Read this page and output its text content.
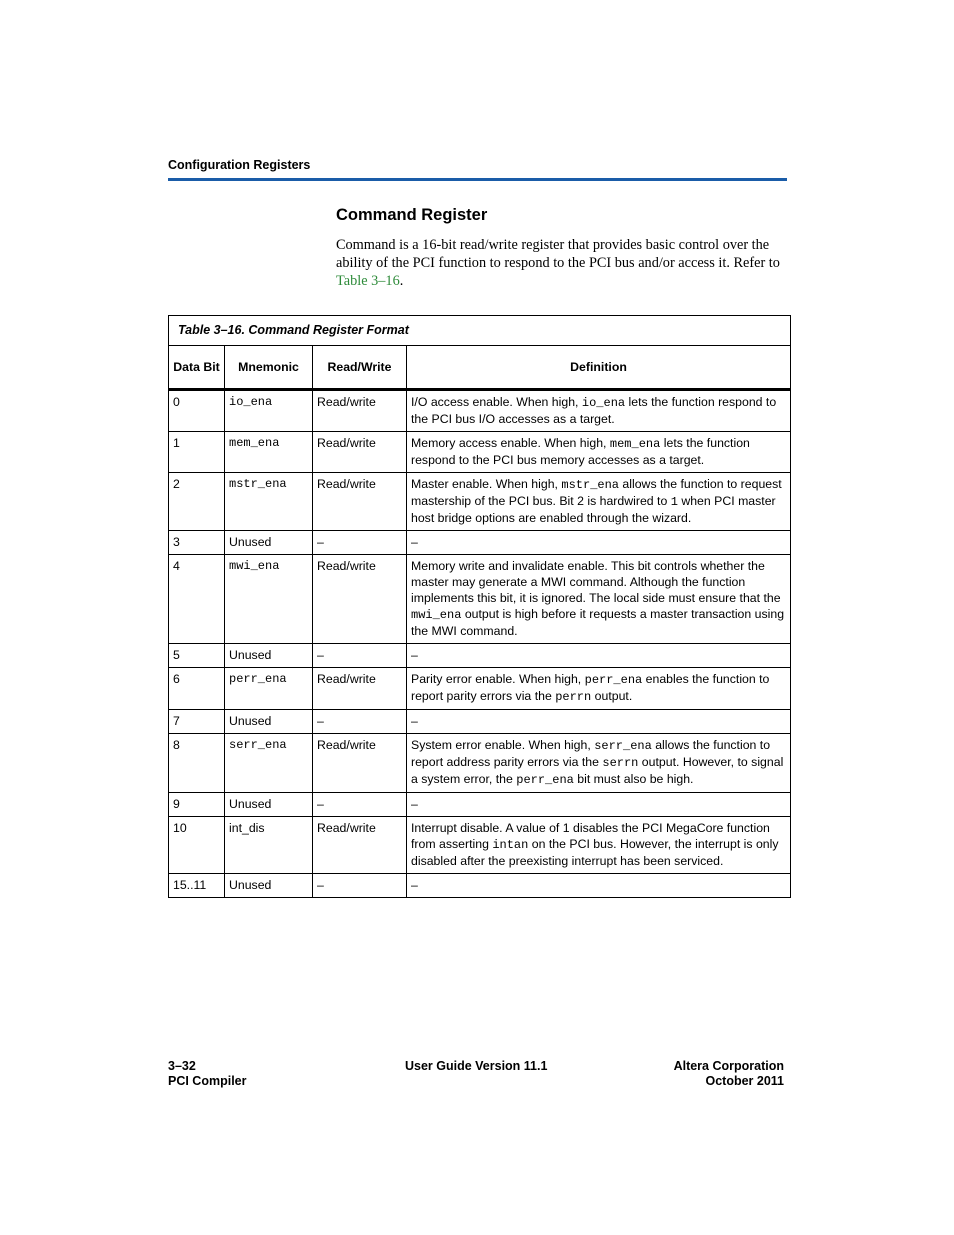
Configuration Registers
Command Register

Command is a 16-bit read/write register that provides basic control over the ability of the PCI function to respond to the PCI bus and/or access it. Refer to Table 3–16.

Table 3–16. Command Register Format			
Data Bit	Mnemonic	Read/Write	Definition
0	io_ena	Read/write	I/O access enable. When high, io_ena lets the function respond to the PCI bus I/O accesses as a target.
1	mem_ena	Read/write	Memory access enable. When high, mem_ena lets the function respond to the PCI bus memory accesses as a target.
2	mstr_ena	Read/write	Master enable. When high, mstr_ena allows the function to request mastership of the PCI bus. Bit 2 is hardwired to 1 when PCI master host bridge options are enabled through the wizard.
3	Unused	–	–
4	mwi_ena	Read/write	Memory write and invalidate enable. This bit controls whether the master may generate a MWI command. Although the function implements this bit, it is ignored. The local side must ensure that the mwi_ena output is high before it requests a master transaction using the MWI command.
5	Unused	–	–
6	perr_ena	Read/write	Parity error enable. When high, perr_ena enables the function to report parity errors via the perrn output.
7	Unused	–	–
8	serr_ena	Read/write	System error enable. When high, serr_ena allows the function to report address parity errors via the serrn output. However, to signal a system error, the perr_ena bit must also be high.
9	Unused	–	–
10	int_dis	Read/write	Interrupt disable. A value of 1 disables the PCI MegaCore function from asserting intan on the PCI bus. However, the interrupt is only disabled after the preexisting interrupt has been serviced.
15..11	Unused	–	–
3–32
PCI Compiler
User Guide Version 11.1	Altera Corporation
October 2011
